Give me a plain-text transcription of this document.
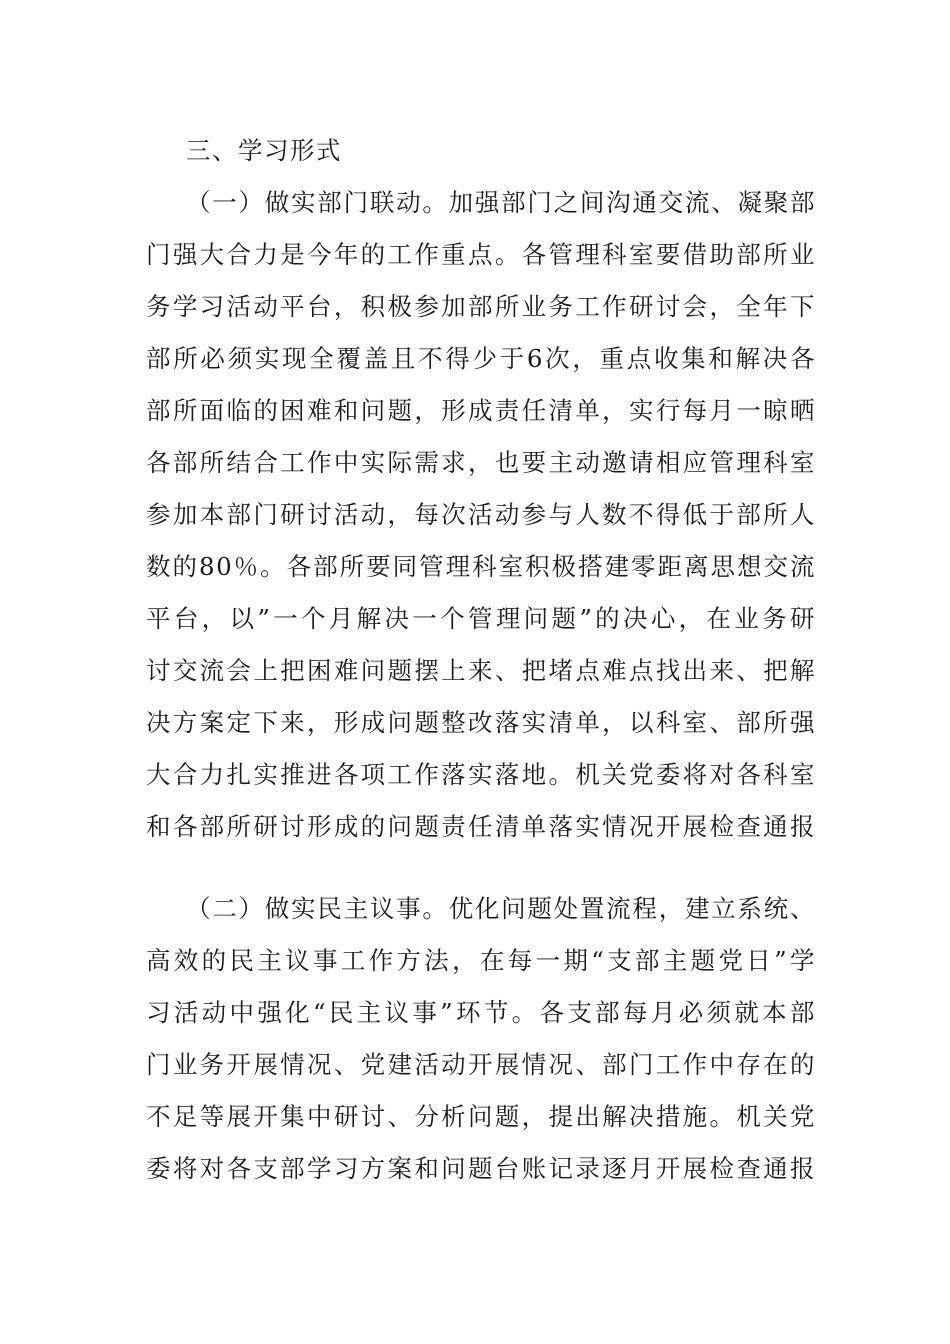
三、学习形式
（一）做实部门联动。加强部门之间沟通交流、凝聚部
门强大合力是今年的工作重点。各管理科室要借助部所业
务学习活动平台，积极参加部所业务工作研讨会，全年下
部所必须实现全覆盖且不得少于6次，重点收集和解决各
部所面临的困难和问题，形成责任清单，实行每月一晾晒
各部所结合工作中实际需求，也要主动邀请相应管理科室
参加本部门研讨活动，每次活动参与人数不得低于部所人
数的80％。各部所要同管理科室积极搭建零距离思想交流
平台，以”一个月解决一个管理问题”的决心，在业务研
讨交流会上把困难问题摆上来、把堵点难点找出来、把解
决方案定下来，形成问题整改落实清单，以科室、部所强
大合力扎实推进各项工作落实落地。机关党委将对各科室
和各部所研讨形成的问题责任清单落实情况开展检查通报
（二）做实民主议事。优化问题处置流程，建立系统、
高效的民主议事工作方法，在每一期“支部主题党日”学
习活动中强化“民主议事”环节。各支部每月必须就本部
门业务开展情况、党建活动开展情况、部门工作中存在的
不足等展开集中研讨、分析问题，提出解决措施。机关党
委将对各支部学习方案和问题台账记录逐月开展检查通报
